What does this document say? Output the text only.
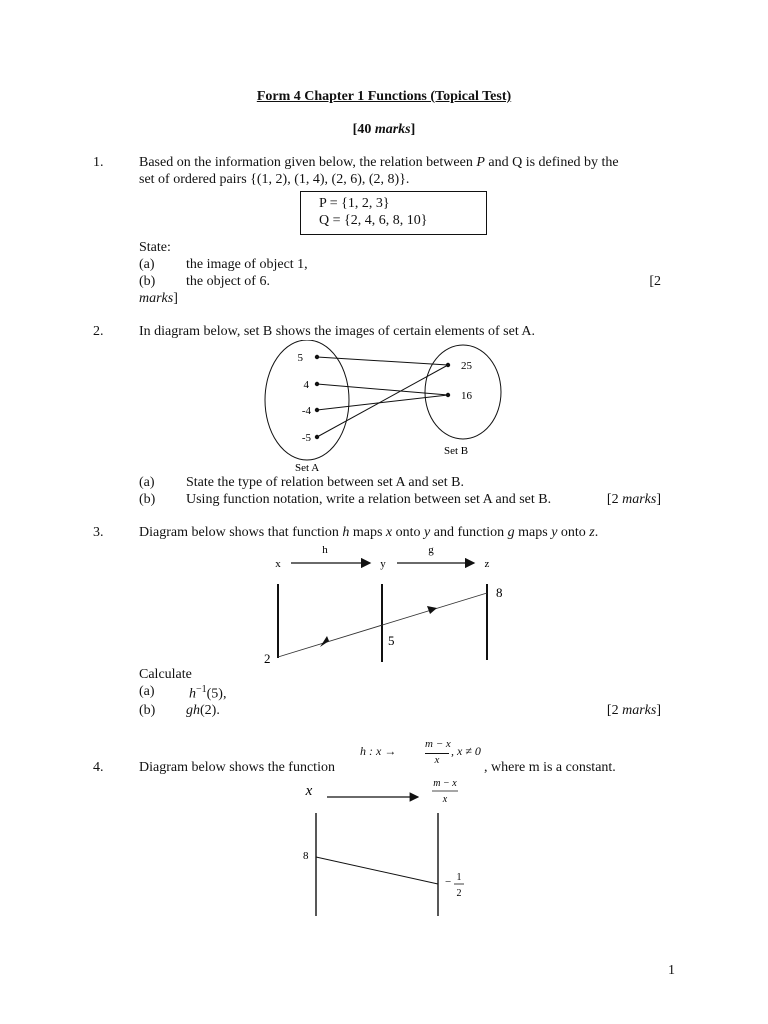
Form 4 Chapter 1 Functions (Topical Test)
[40 marks]
1.	Based on the information given below, the relation between P and Q is defined by the
set of ordered pairs {(1, 2), (1, 4), (2, 6), (2, 8)}.
P = {1, 2, 3}
Q = {2, 4, 6, 8, 10}
State:
(a) the image of object 1,
(b) the object of 6.	[2
marks]
2.	In diagram below, set B shows the images of certain elements of set A.
5
4
-4
-5
25
16
Set A
Set B
(a) State the type of relation between set A and set B.
(b) Using function notation, write a relation between set A and set B.	[2 marks]
3.	Diagram below shows that function h maps x onto y and function g maps y onto z.
h	g
x	y	z
2
5
8
Calculate
(a) $h^{-1}(5)$,
(b) gh(2).	[2 marks]
h : x →	m − x
x
, x ≠ 0
4.	Diagram below shows the function	, where m is a constant.
x	m − x
x
8
− 1
2
1
